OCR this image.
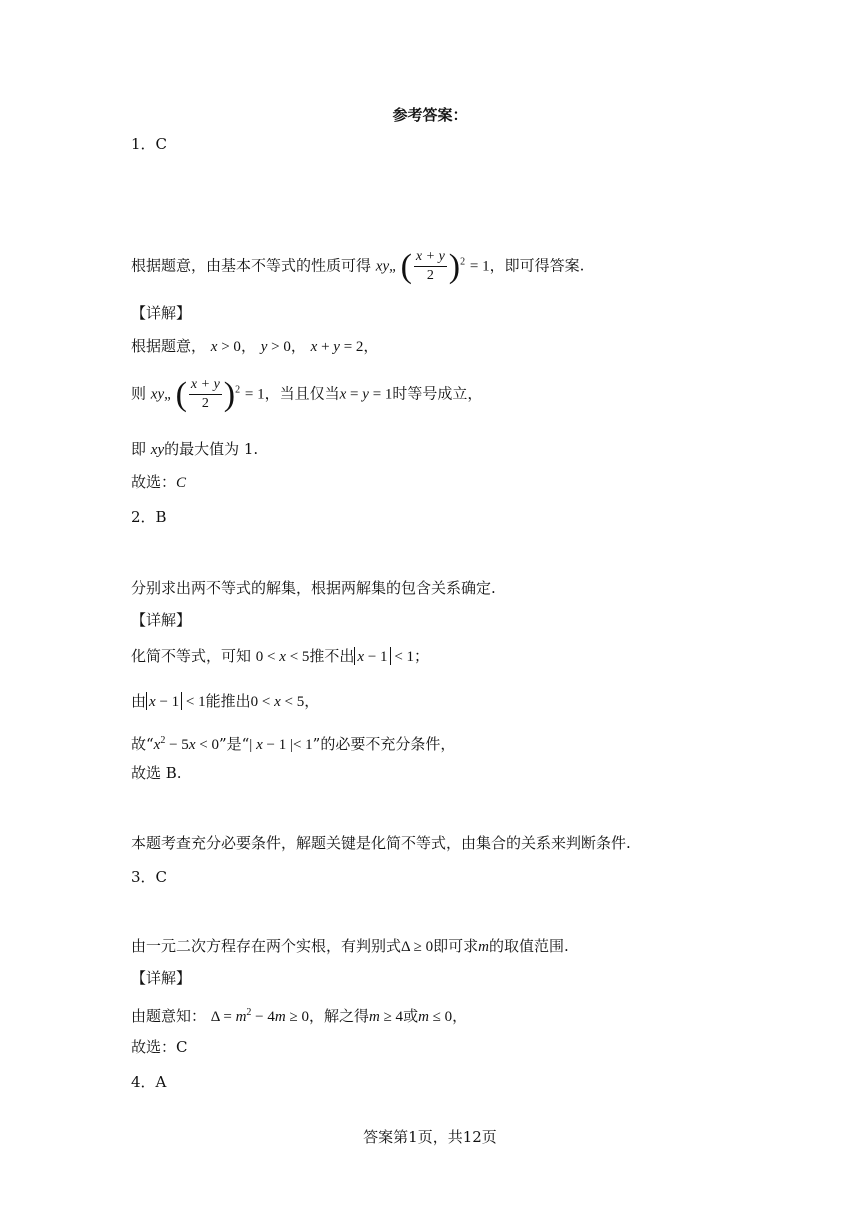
参考答案：
1．C
根据题意，由基本不等式的性质可得 xy„ ( $\frac{x + y}{2} )^2 = 1$，即可得答案.
【详解】
根据题意， x > 0， y > 0， x + y = 2，
则 xy„ ( $\frac{x + y}{2} )^2 = 1$，当且仅当x = y = 1时等号成立，
即 xy的最大值为 1.
故选：C
2．B
分别求出两不等式的解集，根据两解集的包含关系确定.
【详解】
化简不等式，可知 0 < x < 5推不出 x − 1 < 1；
由 x − 1 < 1能推出0 < x < 5，
故“$x^2 - 5x < 0$”是“| x − 1 |< 1”的必要不充分条件，
故选 B.
本题考查充分必要条件，解题关键是化简不等式，由集合的关系来判断条件.
3．C
由一元二次方程存在两个实根，有判别式Δ ≥ 0即可求m的取值范围.
【详解】
由题意知： $\Delta = m^2 - 4m \ge 0$，解之得m ≥ 4或m ≤ 0，
故选：C
4．A
答案第1页，共12页
